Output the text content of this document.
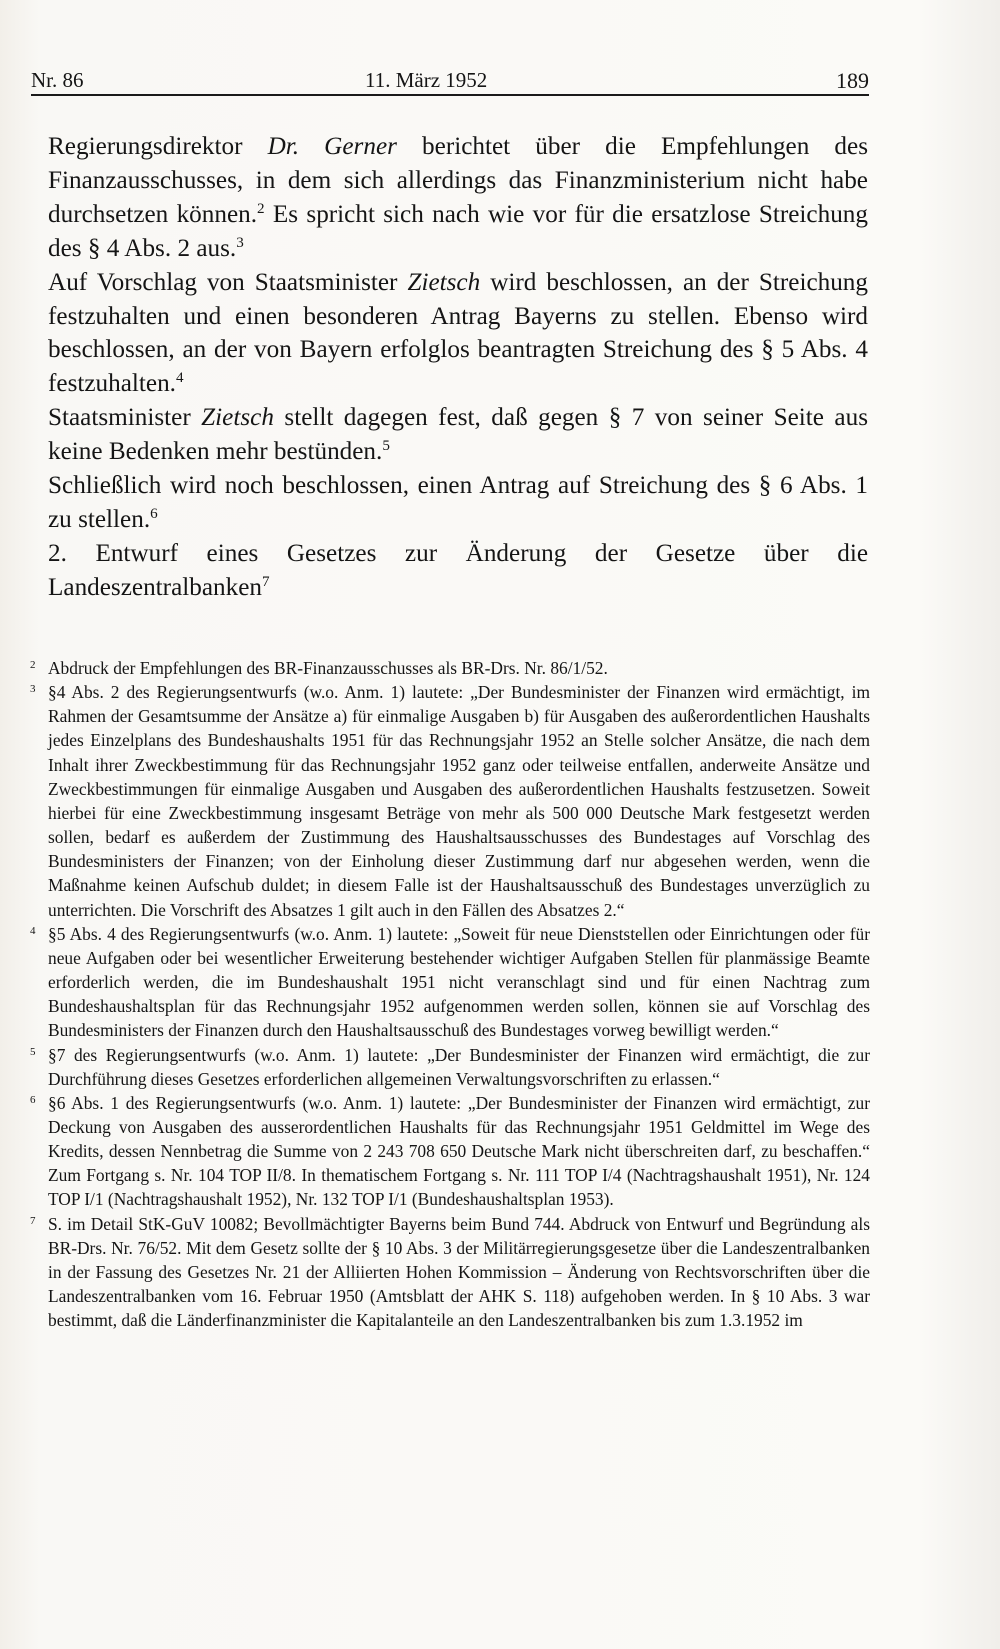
Nr. 86	11. März 1952	189

Regierungsdirektor Dr. Gerner berichtet über die Empfehlungen des Finanzausschusses, in dem sich allerdings das Finanzministerium nicht habe durchsetzen können.$^2$ Es spricht sich nach wie vor für die ersatzlose Streichung des § 4 Abs. 2 aus.$^3$

Auf Vorschlag von Staatsminister Zietsch wird beschlossen, an der Streichung festzuhalten und einen besonderen Antrag Bayerns zu stellen. Ebenso wird beschlossen, an der von Bayern erfolglos beantragten Streichung des § 5 Abs. 4 festzuhalten.$^4$

Staatsminister Zietsch stellt dagegen fest, daß gegen § 7 von seiner Seite aus keine Bedenken mehr bestünden.$^5$

Schließlich wird noch beschlossen, einen Antrag auf Streichung des § 6 Abs. 1 zu stellen.$^6$

2. Entwurf eines Gesetzes zur Änderung der Gesetze über die Landeszentralbanken$^7$

2 Abdruck der Empfehlungen des BR-Finanzausschusses als BR-Drs. Nr. 86/1/52.

3 §4 Abs. 2 des Regierungsentwurfs (w.o. Anm. 1) lautete: „Der Bundesminister der Finanzen wird ermächtigt, im Rahmen der Gesamtsumme der Ansätze a) für einmalige Ausgaben b) für Ausgaben des außerordentlichen Haushalts jedes Einzelplans des Bundeshaushalts 1951 für das Rechnungsjahr 1952 an Stelle solcher Ansätze, die nach dem Inhalt ihrer Zweckbestimmung für das Rechnungsjahr 1952 ganz oder teilweise entfallen, anderweite Ansätze und Zweckbestimmungen für einmalige Ausgaben und Ausgaben des außerordentlichen Haushalts festzusetzen. Soweit hierbei für eine Zweckbestimmung insgesamt Beträge von mehr als 500 000 Deutsche Mark festgesetzt werden sollen, bedarf es außerdem der Zustimmung des Haushaltsausschusses des Bundestages auf Vorschlag des Bundesministers der Finanzen; von der Einholung dieser Zustimmung darf nur abgesehen werden, wenn die Maßnahme keinen Aufschub duldet; in diesem Falle ist der Haushaltsausschuß des Bundestages unverzüglich zu unterrichten. Die Vorschrift des Absatzes 1 gilt auch in den Fällen des Absatzes 2.“

4 §5 Abs. 4 des Regierungsentwurfs (w.o. Anm. 1) lautete: „Soweit für neue Dienststellen oder Einrichtungen oder für neue Aufgaben oder bei wesentlicher Erweiterung bestehender wichtiger Aufgaben Stellen für planmässige Beamte erforderlich werden, die im Bundeshaushalt 1951 nicht veranschlagt sind und für einen Nachtrag zum Bundeshaushaltsplan für das Rechnungsjahr 1952 aufgenommen werden sollen, können sie auf Vorschlag des Bundesministers der Finanzen durch den Haushaltsausschuß des Bundestages vorweg bewilligt werden.“

5 §7 des Regierungsentwurfs (w.o. Anm. 1) lautete: „Der Bundesminister der Finanzen wird ermächtigt, die zur Durchführung dieses Gesetzes erforderlichen allgemeinen Verwaltungsvorschriften zu erlassen.“

6 §6 Abs. 1 des Regierungsentwurfs (w.o. Anm. 1) lautete: „Der Bundesminister der Finanzen wird ermächtigt, zur Deckung von Ausgaben des ausserordentlichen Haushalts für das Rechnungsjahr 1951 Geldmittel im Wege des Kredits, dessen Nennbetrag die Summe von 2 243 708 650 Deutsche Mark nicht überschreiten darf, zu beschaffen.“ Zum Fortgang s. Nr. 104 TOP II/8. In thematischem Fortgang s. Nr. 111 TOP I/4 (Nachtragshaushalt 1951), Nr. 124 TOP I/1 (Nachtragshaushalt 1952), Nr. 132 TOP I/1 (Bundeshaushaltsplan 1953).

7 S. im Detail StK-GuV 10082; Bevollmächtigter Bayerns beim Bund 744. Abdruck von Entwurf und Begründung als BR-Drs. Nr. 76/52. Mit dem Gesetz sollte der § 10 Abs. 3 der Militärregierungsgesetze über die Landeszentralbanken in der Fassung des Gesetzes Nr. 21 der Alliierten Hohen Kommission – Änderung von Rechtsvorschriften über die Landeszentralbanken vom 16. Februar 1950 (Amtsblatt der AHK S. 118) aufgehoben werden. In § 10 Abs. 3 war bestimmt, daß die Länderfinanzminister die Kapitalanteile an den Landeszentralbanken bis zum 1.3.1952 im
